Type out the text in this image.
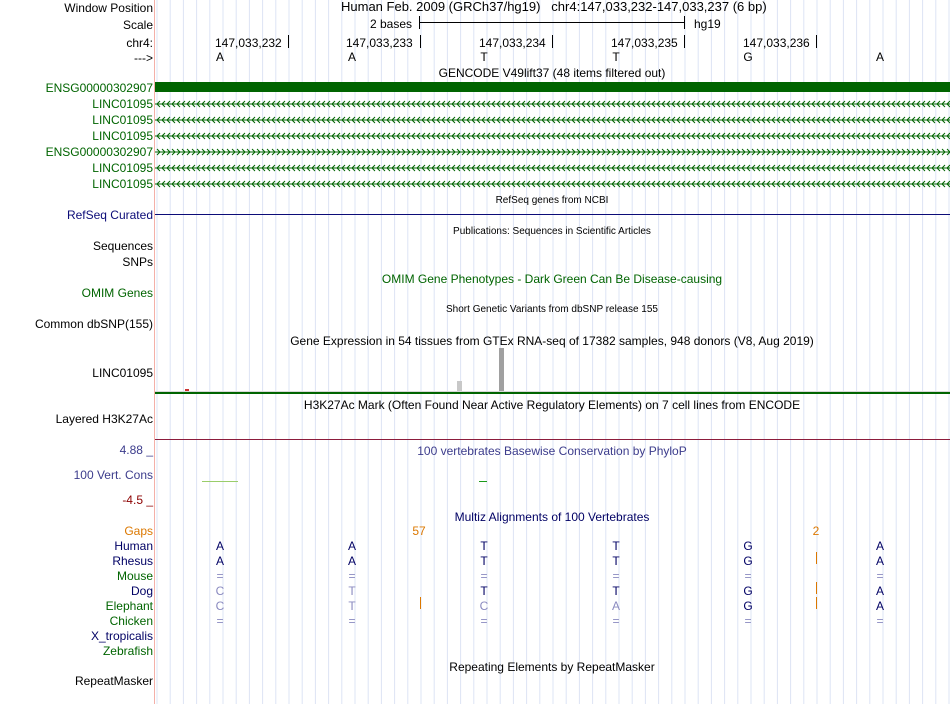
Window Position	Human Feb. 2009 (GRCh37/hg19) chr4:147,033,232-147,033,237 (6 bp)
Scale	2 bases	hg19
chr4:	147,033,232	147,033,233	147,033,234	147,033,235	147,033,236
--->	A	A	T	T	G	A
GENCODE V49lift37 (48 items filtered out)
ENSG00000302907
LINC01095
LINC01095
LINC01095
ENSG00000302907
LINC01095
LINC01095
RefSeq genes from NCBI
RefSeq Curated
Publications: Sequences in Scientific Articles
Sequences
SNPs
OMIM Gene Phenotypes - Dark Green Can Be Disease-causing
OMIM Genes
Short Genetic Variants from dbSNP release 155
Common dbSNP(155)
Gene Expression in 54 tissues from GTEx RNA-seq of 17382 samples, 948 donors (V8, Aug 2019)
LINC01095
H3K27Ac Mark (Often Found Near Active Regulatory Elements) on 7 cell lines from ENCODE
Layered H3K27Ac
100 vertebrates Basewise Conservation by PhyloP
4.88 _
100 Vert. Cons
-4.5 _
Multiz Alignments of 100 Vertebrates
Gaps	57	2
Human	A	A	T	T	G	A
Rhesus	A	A	T	T	G	A
Mouse	=	=	=	=	=	=
Dog	C	T	T	T	G	A
Elephant	C	T	C	A	G	A
Chicken	=	=	=	=	=	=
X_tropicalis
Zebrafish
Repeating Elements by RepeatMasker
RepeatMasker
